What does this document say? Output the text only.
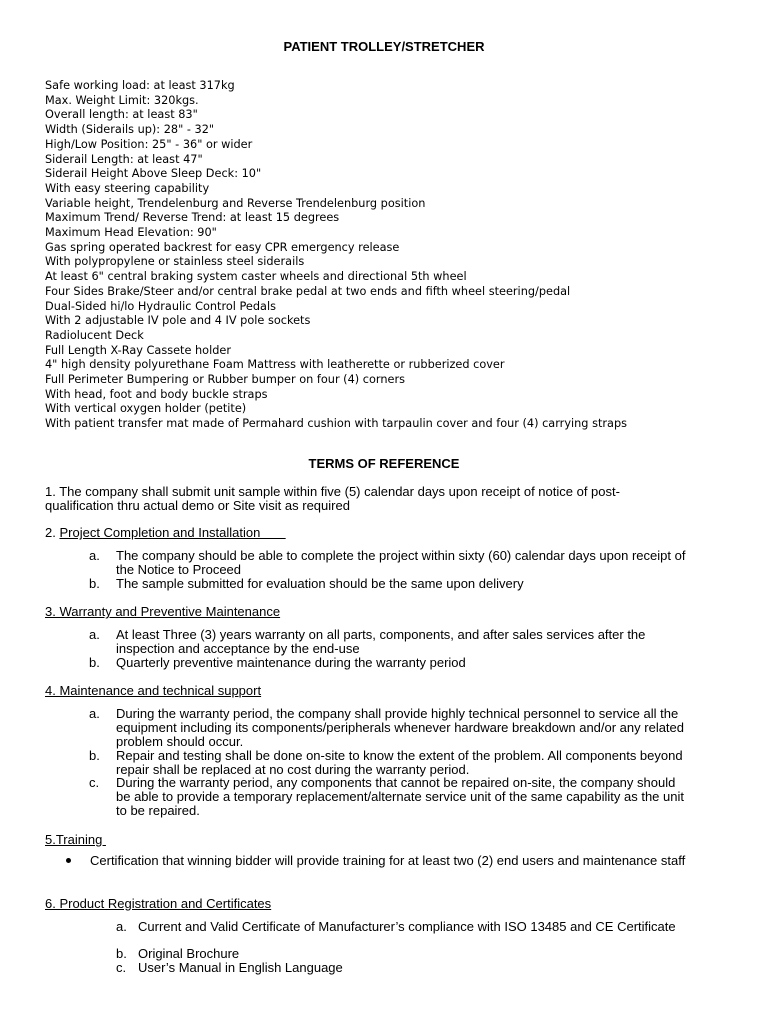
PATIENT TROLLEY/STRETCHER
Safe working load: at least 317kg
Max. Weight Limit: 320kgs.
Overall length: at least 83"
Width (Siderails up): 28" - 32"
High/Low Position: 25" - 36" or wider
Siderail Length: at least 47"
Siderail Height Above Sleep Deck: 10"
With easy steering capability
Variable height, Trendelenburg and Reverse Trendelenburg position
Maximum Trend/ Reverse Trend: at least 15 degrees
Maximum Head Elevation: 90"
Gas spring operated backrest for easy CPR emergency release
With polypropylene or stainless steel siderails
At least 6" central braking system caster wheels and directional 5th wheel
Four Sides Brake/Steer and/or central brake pedal at two ends and fifth wheel steering/pedal
Dual-Sided hi/lo Hydraulic Control Pedals
With 2 adjustable IV pole and 4 IV pole sockets
Radiolucent Deck
Full Length X-Ray Cassete holder
4" high density polyurethane Foam Mattress with leatherette or rubberized cover
Full Perimeter Bumpering or Rubber bumper on four (4) corners
With head, foot and body buckle straps
With vertical oxygen holder (petite)
With patient transfer mat made of Permahard cushion with tarpaulin cover and four (4) carrying straps
TERMS OF REFERENCE
1. The company shall submit unit sample within five (5) calendar days upon receipt of notice of post-qualification thru actual demo or Site visit as required
2. Project Completion and Installation
a. The company should be able to complete the project within sixty (60) calendar days upon receipt of
the Notice to Proceed
b. The sample submitted for evaluation should be the same upon delivery
3. Warranty and Preventive Maintenance
a. At least Three (3) years warranty on all parts, components, and after sales services after the
inspection and acceptance by the end-use
b. Quarterly preventive maintenance during the warranty period
4. Maintenance and technical support
a. During the warranty period, the company shall provide highly technical personnel to service all the
equipment including its components/peripherals whenever hardware breakdown and/or any related
problem should occur.
b. Repair and testing shall be done on-site to know the extent of the problem. All components beyond
repair shall be replaced at no cost during the warranty period.
c. During the warranty period, any components that cannot be repaired on-site, the company should
be able to provide a temporary replacement/alternate service unit of the same capability as the unit
to be repaired.
5.Training
Certification that winning bidder will provide training for at least two (2) end users and maintenance staff
6. Product Registration and Certificates
a. Current and Valid Certificate of Manufacturer’s compliance with ISO 13485 and CE Certificate
b. Original Brochure
c. User’s Manual in English Language
